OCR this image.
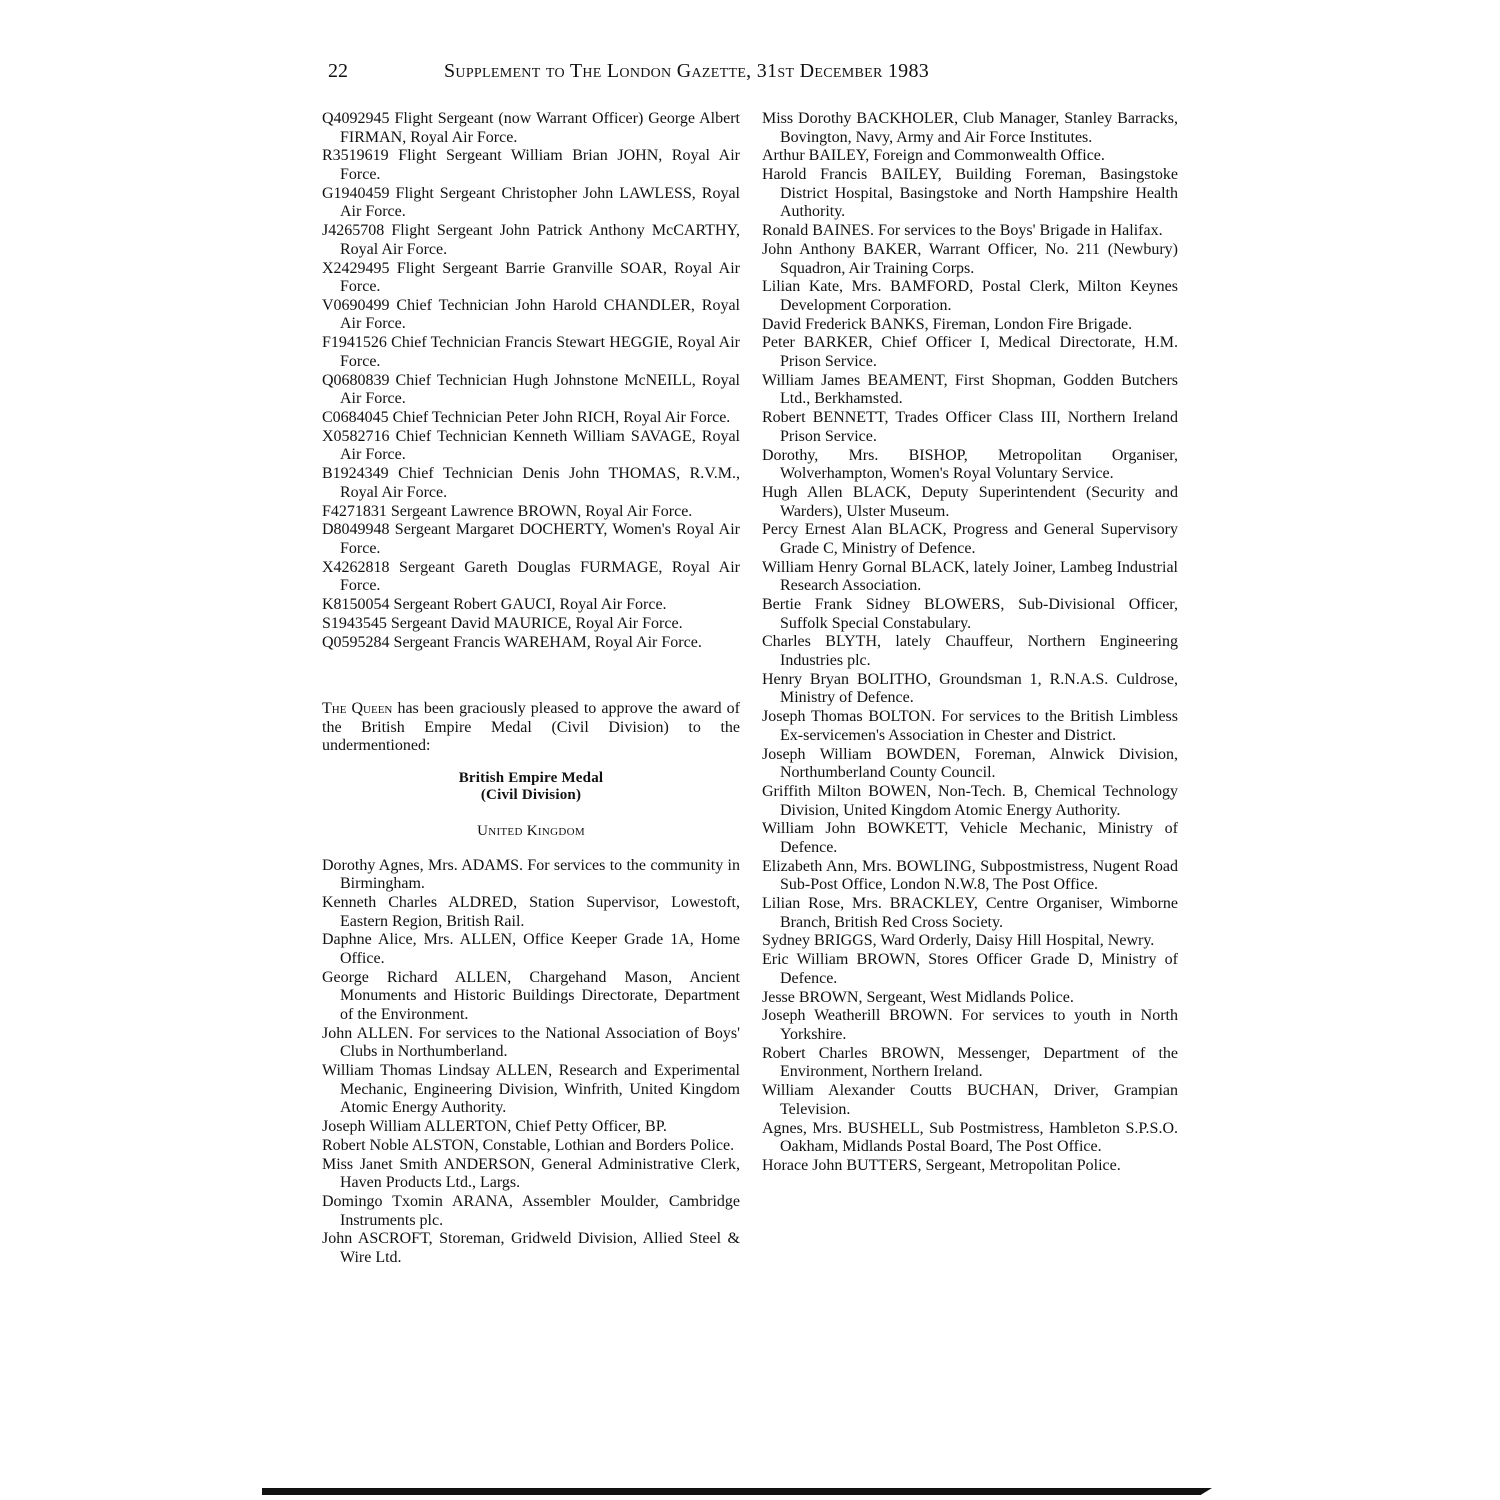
22	Supplement to The London Gazette, 31st December 1983

Q4092945 Flight Sergeant (now Warrant Officer) George Albert FIRMAN, Royal Air Force.

R3519619 Flight Sergeant William Brian JOHN, Royal Air Force.

G1940459 Flight Sergeant Christopher John LAWLESS, Royal Air Force.

J4265708 Flight Sergeant John Patrick Anthony McCARTHY, Royal Air Force.

X2429495 Flight Sergeant Barrie Granville SOAR, Royal Air Force.

V0690499 Chief Technician John Harold CHANDLER, Royal Air Force.

F1941526 Chief Technician Francis Stewart HEGGIE, Royal Air Force.

Q0680839 Chief Technician Hugh Johnstone McNEILL, Royal Air Force.

C0684045 Chief Technician Peter John RICH, Royal Air Force.

X0582716 Chief Technician Kenneth William SAVAGE, Royal Air Force.

B1924349 Chief Technician Denis John THOMAS, R.V.M., Royal Air Force.

F4271831 Sergeant Lawrence BROWN, Royal Air Force.

D8049948 Sergeant Margaret DOCHERTY, Women's Royal Air Force.

X4262818 Sergeant Gareth Douglas FURMAGE, Royal Air Force.

K8150054 Sergeant Robert GAUCI, Royal Air Force.

S1943545 Sergeant David MAURICE, Royal Air Force.

Q0595284 Sergeant Francis WAREHAM, Royal Air Force.

The Queen has been graciously pleased to approve the award of the British Empire Medal (Civil Division) to the undermentioned:

British Empire Medal
(Civil Division)
United Kingdom

Dorothy Agnes, Mrs. ADAMS. For services to the community in Birmingham.

Kenneth Charles ALDRED, Station Supervisor, Lowestoft, Eastern Region, British Rail.

Daphne Alice, Mrs. ALLEN, Office Keeper Grade 1A, Home Office.

George Richard ALLEN, Chargehand Mason, Ancient Monuments and Historic Buildings Directorate, Department of the Environment.

John ALLEN. For services to the National Association of Boys' Clubs in Northumberland.

William Thomas Lindsay ALLEN, Research and Experimental Mechanic, Engineering Division, Winfrith, United Kingdom Atomic Energy Authority.

Joseph William ALLERTON, Chief Petty Officer, BP.

Robert Noble ALSTON, Constable, Lothian and Borders Police.

Miss Janet Smith ANDERSON, General Administrative Clerk, Haven Products Ltd., Largs.

Domingo Txomin ARANA, Assembler Moulder, Cambridge Instruments plc.

John ASCROFT, Storeman, Gridweld Division, Allied Steel & Wire Ltd.

Miss Dorothy BACKHOLER, Club Manager, Stanley Barracks, Bovington, Navy, Army and Air Force Institutes.

Arthur BAILEY, Foreign and Commonwealth Office.

Harold Francis BAILEY, Building Foreman, Basingstoke District Hospital, Basingstoke and North Hampshire Health Authority.

Ronald BAINES. For services to the Boys' Brigade in Halifax.

John Anthony BAKER, Warrant Officer, No. 211 (Newbury) Squadron, Air Training Corps.

Lilian Kate, Mrs. BAMFORD, Postal Clerk, Milton Keynes Development Corporation.

David Frederick BANKS, Fireman, London Fire Brigade.

Peter BARKER, Chief Officer I, Medical Directorate, H.M. Prison Service.

William James BEAMENT, First Shopman, Godden Butchers Ltd., Berkhamsted.

Robert BENNETT, Trades Officer Class III, Northern Ireland Prison Service.

Dorothy, Mrs. BISHOP, Metropolitan Organiser, Wolverhampton, Women's Royal Voluntary Service.

Hugh Allen BLACK, Deputy Superintendent (Security and Warders), Ulster Museum.

Percy Ernest Alan BLACK, Progress and General Supervisory Grade C, Ministry of Defence.

William Henry Gornal BLACK, lately Joiner, Lambeg Industrial Research Association.

Bertie Frank Sidney BLOWERS, Sub-Divisional Officer, Suffolk Special Constabulary.

Charles BLYTH, lately Chauffeur, Northern Engineering Industries plc.

Henry Bryan BOLITHO, Groundsman 1, R.N.A.S. Culdrose, Ministry of Defence.

Joseph Thomas BOLTON. For services to the British Limbless Ex-servicemen's Association in Chester and District.

Joseph William BOWDEN, Foreman, Alnwick Division, Northumberland County Council.

Griffith Milton BOWEN, Non-Tech. B, Chemical Technology Division, United Kingdom Atomic Energy Authority.

William John BOWKETT, Vehicle Mechanic, Ministry of Defence.

Elizabeth Ann, Mrs. BOWLING, Subpostmistress, Nugent Road Sub-Post Office, London N.W.8, The Post Office.

Lilian Rose, Mrs. BRACKLEY, Centre Organiser, Wimborne Branch, British Red Cross Society.

Sydney BRIGGS, Ward Orderly, Daisy Hill Hospital, Newry.

Eric William BROWN, Stores Officer Grade D, Ministry of Defence.

Jesse BROWN, Sergeant, West Midlands Police.

Joseph Weatherill BROWN. For services to youth in North Yorkshire.

Robert Charles BROWN, Messenger, Department of the Environment, Northern Ireland.

William Alexander Coutts BUCHAN, Driver, Grampian Television.

Agnes, Mrs. BUSHELL, Sub Postmistress, Hambleton S.P.S.O. Oakham, Midlands Postal Board, The Post Office.

Horace John BUTTERS, Sergeant, Metropolitan Police.
